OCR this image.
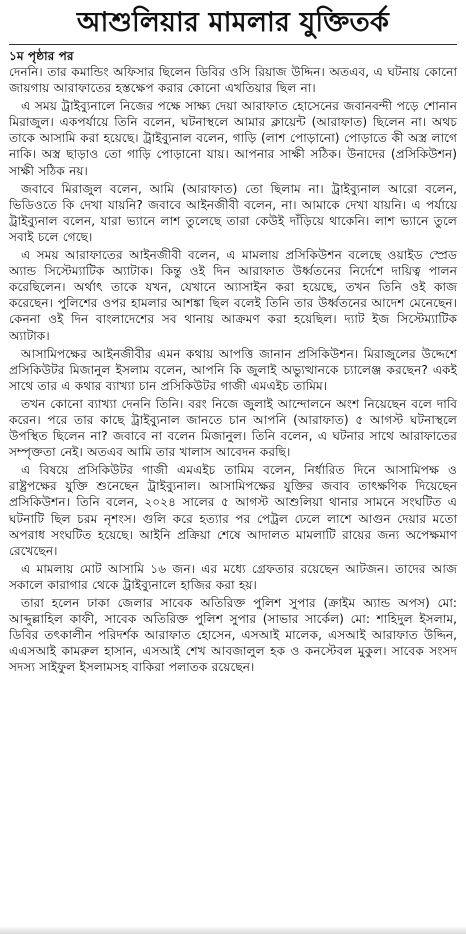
আশুলিয়ার মামলার যুক্তিতর্ক

১ম পৃষ্ঠার পর

দেননি। তার কমান্ডিং অফিসার ছিলেন ডিবির ওসি রিয়াজ উদ্দিন। অতএব, এ ঘটনায় কোনো জায়গায় আরাফাতের হস্তক্ষেপ করার কোনো এখতিয়ার ছিল না।

এ সময় ট্রাইব্যুনালে নিজের পক্ষে সাক্ষ্য দেয়া আরাফাত হোসেনের জবানবন্দী পড়ে শোনান মিরাজুল। একপর্যায়ে তিনি বলেন, ঘটনাস্থলে আমার ক্লায়েন্ট (আরাফাত) ছিলেন না। অথচ তাকে আসামি করা হয়েছে। ট্রাইব্যুনাল বলেন, গাড়ি (লাশ পোড়ানো) পোড়াতে কী অস্ত্র লাগে নাকি। অস্ত্র ছাড়াও তো গাড়ি পোড়ানো যায়। আপনার সাক্ষী সঠিক। উনাদের (প্রসিকিউশন) সাক্ষী সঠিক নয়।

জবাবে মিরাজুল বলেন, আমি (আরাফাত) তো ছিলাম না। ট্রাইব্যুনাল আরো বলেন, ভিডিওতে কি দেখা যায়নি? জবাবে আইনজীবী বলেন, না। আমাকে দেখা যায়নি। এ পর্যায়ে ট্রাইব্যুনাল বলেন, যারা ভ্যানে লাশ তুলেছে তারা কেউই দাঁড়িয়ে থাকেনি। লাশ ভ্যানে তুলে সবাই চলে গেছে।

এ সময় আরাফাতের আইনজীবী বলেন, এ মামলায় প্রসিকিউশন বলেছে ওয়াইড স্প্রেড অ্যান্ড সিস্টেম্যাটিক অ্যাটাক। কিন্তু ওই দিন আরাফাত উর্ধ্বতনের নির্দেশে দায়িত্ব পালন করেছিলেন। অর্থাৎ তাকে যখন, যেখানে অ্যাসাইন করা হয়েছে, তখন তিনি ওই কাজ করেছেন। পুলিশের ওপর হামলার আশঙ্কা ছিল বলেই তিনি তার উর্ধ্বতনের আদেশ মেনেছেন। কেননা ওই দিন বাংলাদেশের সব থানায় আক্রমণ করা হয়েছিল। দ্যাট ইজ সিস্টেম্যাটিক অ্যাটাক।

আসামিপক্ষের আইনজীবীর এমন কথায় আপত্তি জানান প্রসিকিউশন। মিরাজুলের উদ্দেশে প্রসিকিউটর মিজানুল ইসলাম বলেন, আপনি কি জুলাই অভ্যুত্থানকে চ্যালেঞ্জ করছেন? একই সাথে তার এ কথার ব্যাখ্যা চান প্রসিকিউটর গাজী এমএইচ তামিম।

তখন কোনো ব্যাখ্যা দেননি তিনি। বরং নিজে জুলাই আন্দোলনে অংশ নিয়েছেন বলে দাবি করেন। পরে তার কাছে ট্রাইব্যুনাল জানতে চান আপনি (আরাফাত) ৫ আগস্ট ঘটনাস্থলে উপস্থিত ছিলেন না? জবাবে না বলেন মিজানুল। তিনি বলেন, এ ঘটনার সাথে আরাফাতের সম্পৃক্ততা নেই। অতএব আমি তার খালাস আবেদন করছি।

এ বিষয়ে প্রসিকিউটর গাজী এমএইচ তামিম বলেন, নির্ধারিত দিনে আসামিপক্ষ ও রাষ্ট্রপক্ষের যুক্তি শুনেছেন ট্রাইব্যুনাল। আসামিপক্ষের যুক্তির জবাব তাৎক্ষণিক দিয়েছেন প্রসিকিউশন। তিনি বলেন, ২০২৪ সালের ৫ আগস্ট আশুলিয়া থানার সামনে সংঘটিত এ ঘটনাটি ছিল চরম নৃশংস। গুলি করে হত্যার পর পেট্রল ঢেলে লাশে আগুন দেয়ার মতো অপরাধ সংঘটিত হয়েছে। আইনি প্রক্রিয়া শেষে আদালত মামলাটি রায়ের জন্য অপেক্ষমাণ রেখেছেন।

এ মামলায় মোট আসামি ১৬ জন। এর মধ্যে গ্রেফতার রয়েছেন আটজন। তাদের আজ সকালে কারাগার থেকে ট্রাইব্যুনালে হাজির করা হয়।

তারা হলেন ঢাকা জেলার সাবেক অতিরিক্ত পুলিশ সুপার (ক্রাইম অ্যান্ড অপস) মো: আব্দুল্লাহিল কাফী, সাবেক অতিরিক্ত পুলিশ সুপার (সাভার সার্কেল) মো: শাহিদুল ইসলাম, ডিবির তৎকালীন পরিদর্শক আরাফাত হোসেন, এসআই মালেক, এসআই আরাফাত উদ্দিন, এএসআই কামরুল হাসান, এসআই শেখ আবজালুল হক ও কনস্টেবল মুকুল। সাবেক সংসদ সদস্য সাইফুল ইসলামসহ বাকিরা পলাতক রয়েছেন।
